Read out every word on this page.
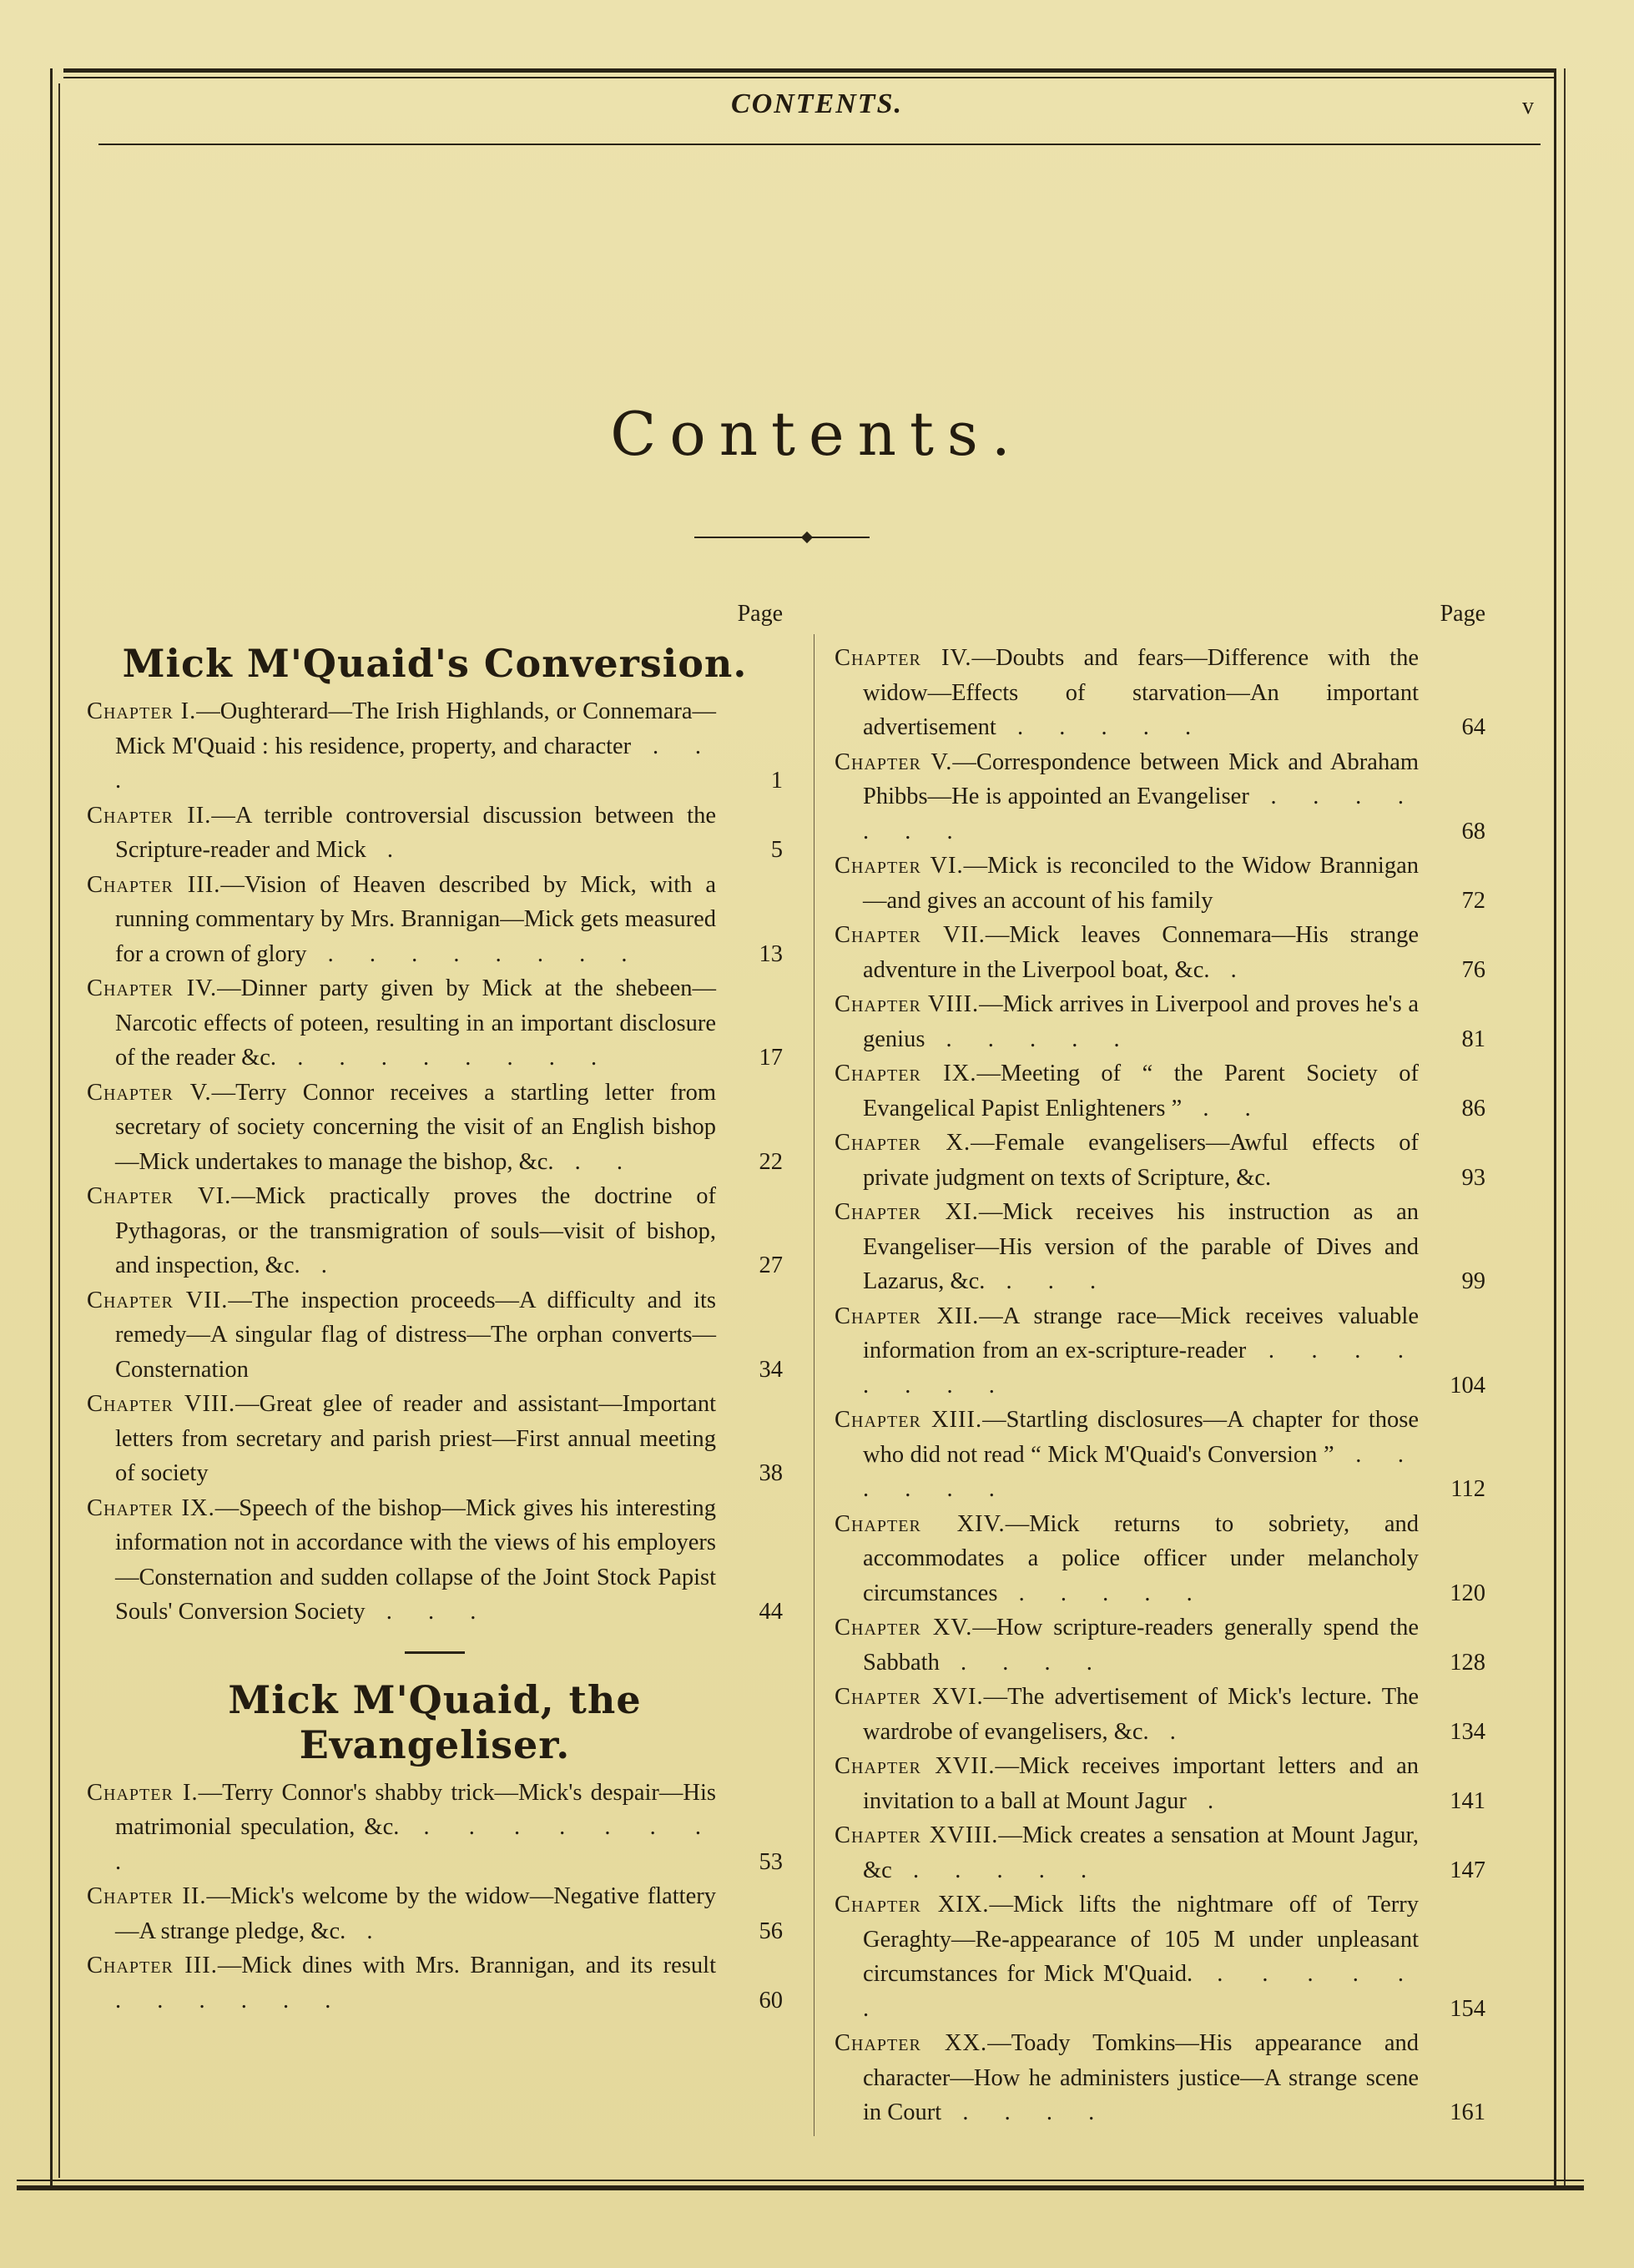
CONTENTS.	v
Contents.
Page
Mick M'Quaid's Conversion.
Chapter I.—Oughterard—The Irish Highlands, or Connemara—Mick M'Quaid : his residence, property, and character . . .	1
Chapter II.—A terrible controversial discussion between the Scripture-reader and Mick .	5
Chapter III.—Vision of Heaven described by Mick, with a running commentary by Mrs. Brannigan—Mick gets measured for a crown of glory . . . . . . . .	13
Chapter IV.—Dinner party given by Mick at the shebeen—Narcotic effects of poteen, resulting in an important disclosure of the reader &c. . . . . . . . .	17
Chapter V.—Terry Connor receives a startling letter from secretary of society concerning the visit of an English bishop—Mick undertakes to manage the bishop, &c. . .	22
Chapter VI.—Mick practically proves the doctrine of Pythagoras, or the transmigration of souls—visit of bishop, and inspection, &c. .	27
Chapter VII.—The inspection proceeds—A difficulty and its remedy—A singular flag of distress—The orphan converts—Consternation	34
Chapter VIII.—Great glee of reader and assistant—Important letters from secretary and parish priest—First annual meeting of society	38
Chapter IX.—Speech of the bishop—Mick gives his interesting information not in accordance with the views of his employers—Consternation and sudden collapse of the Joint Stock Papist Souls' Conversion Society . . .	44
Mick M'Quaid, the Evangeliser.
Chapter I.—Terry Connor's shabby trick—Mick's despair—His matrimonial speculation, &c. . . . . . . . .	53
Chapter II.—Mick's welcome by the widow—Negative flattery—A strange pledge, &c. .	56
Chapter III.—Mick dines with Mrs. Brannigan, and its result . . . . . .	60
Page
Chapter IV.—Doubts and fears—Difference with the widow—Effects of starvation—An important advertisement . . . . .	64
Chapter V.—Correspondence between Mick and Abraham Phibbs—He is appointed an Evangeliser . . . . . . .	68
Chapter VI.—Mick is reconciled to the Widow Brannigan—and gives an account of his family	72
Chapter VII.—Mick leaves Connemara—His strange adventure in the Liverpool boat, &c. .	76
Chapter VIII.—Mick arrives in Liverpool and proves he's a genius . . . . .	81
Chapter IX.—Meeting of “ the Parent Society of Evangelical Papist Enlighteners ” . .	86
Chapter X.—Female evangelisers—Awful effects of private judgment on texts of Scripture, &c.	93
Chapter XI.—Mick receives his instruction as an Evangeliser—His version of the parable of Dives and Lazarus, &c. . . .	99
Chapter XII.—A strange race—Mick receives valuable information from an ex-scripture-reader . . . . . . . .	104
Chapter XIII.—Startling disclosures—A chapter for those who did not read “ Mick M'Quaid's Conversion ” . . . . . .	112
Chapter XIV.—Mick returns to sobriety, and accommodates a police officer under melancholy circumstances . . . . .	120
Chapter XV.—How scripture-readers generally spend the Sabbath . . . .	128
Chapter XVI.—The advertisement of Mick's lecture. The wardrobe of evangelisers, &c. .	134
Chapter XVII.—Mick receives important letters and an invitation to a ball at Mount Jagur .	141
Chapter XVIII.—Mick creates a sensation at Mount Jagur, &c . . . . .	147
Chapter XIX.—Mick lifts the nightmare off of Terry Geraghty—Re-appearance of 105 M under unpleasant circumstances for Mick M'Quaid. . . . . . .	154
Chapter XX.—Toady Tomkins—His appearance and character—How he administers justice—A strange scene in Court . . . .	161
